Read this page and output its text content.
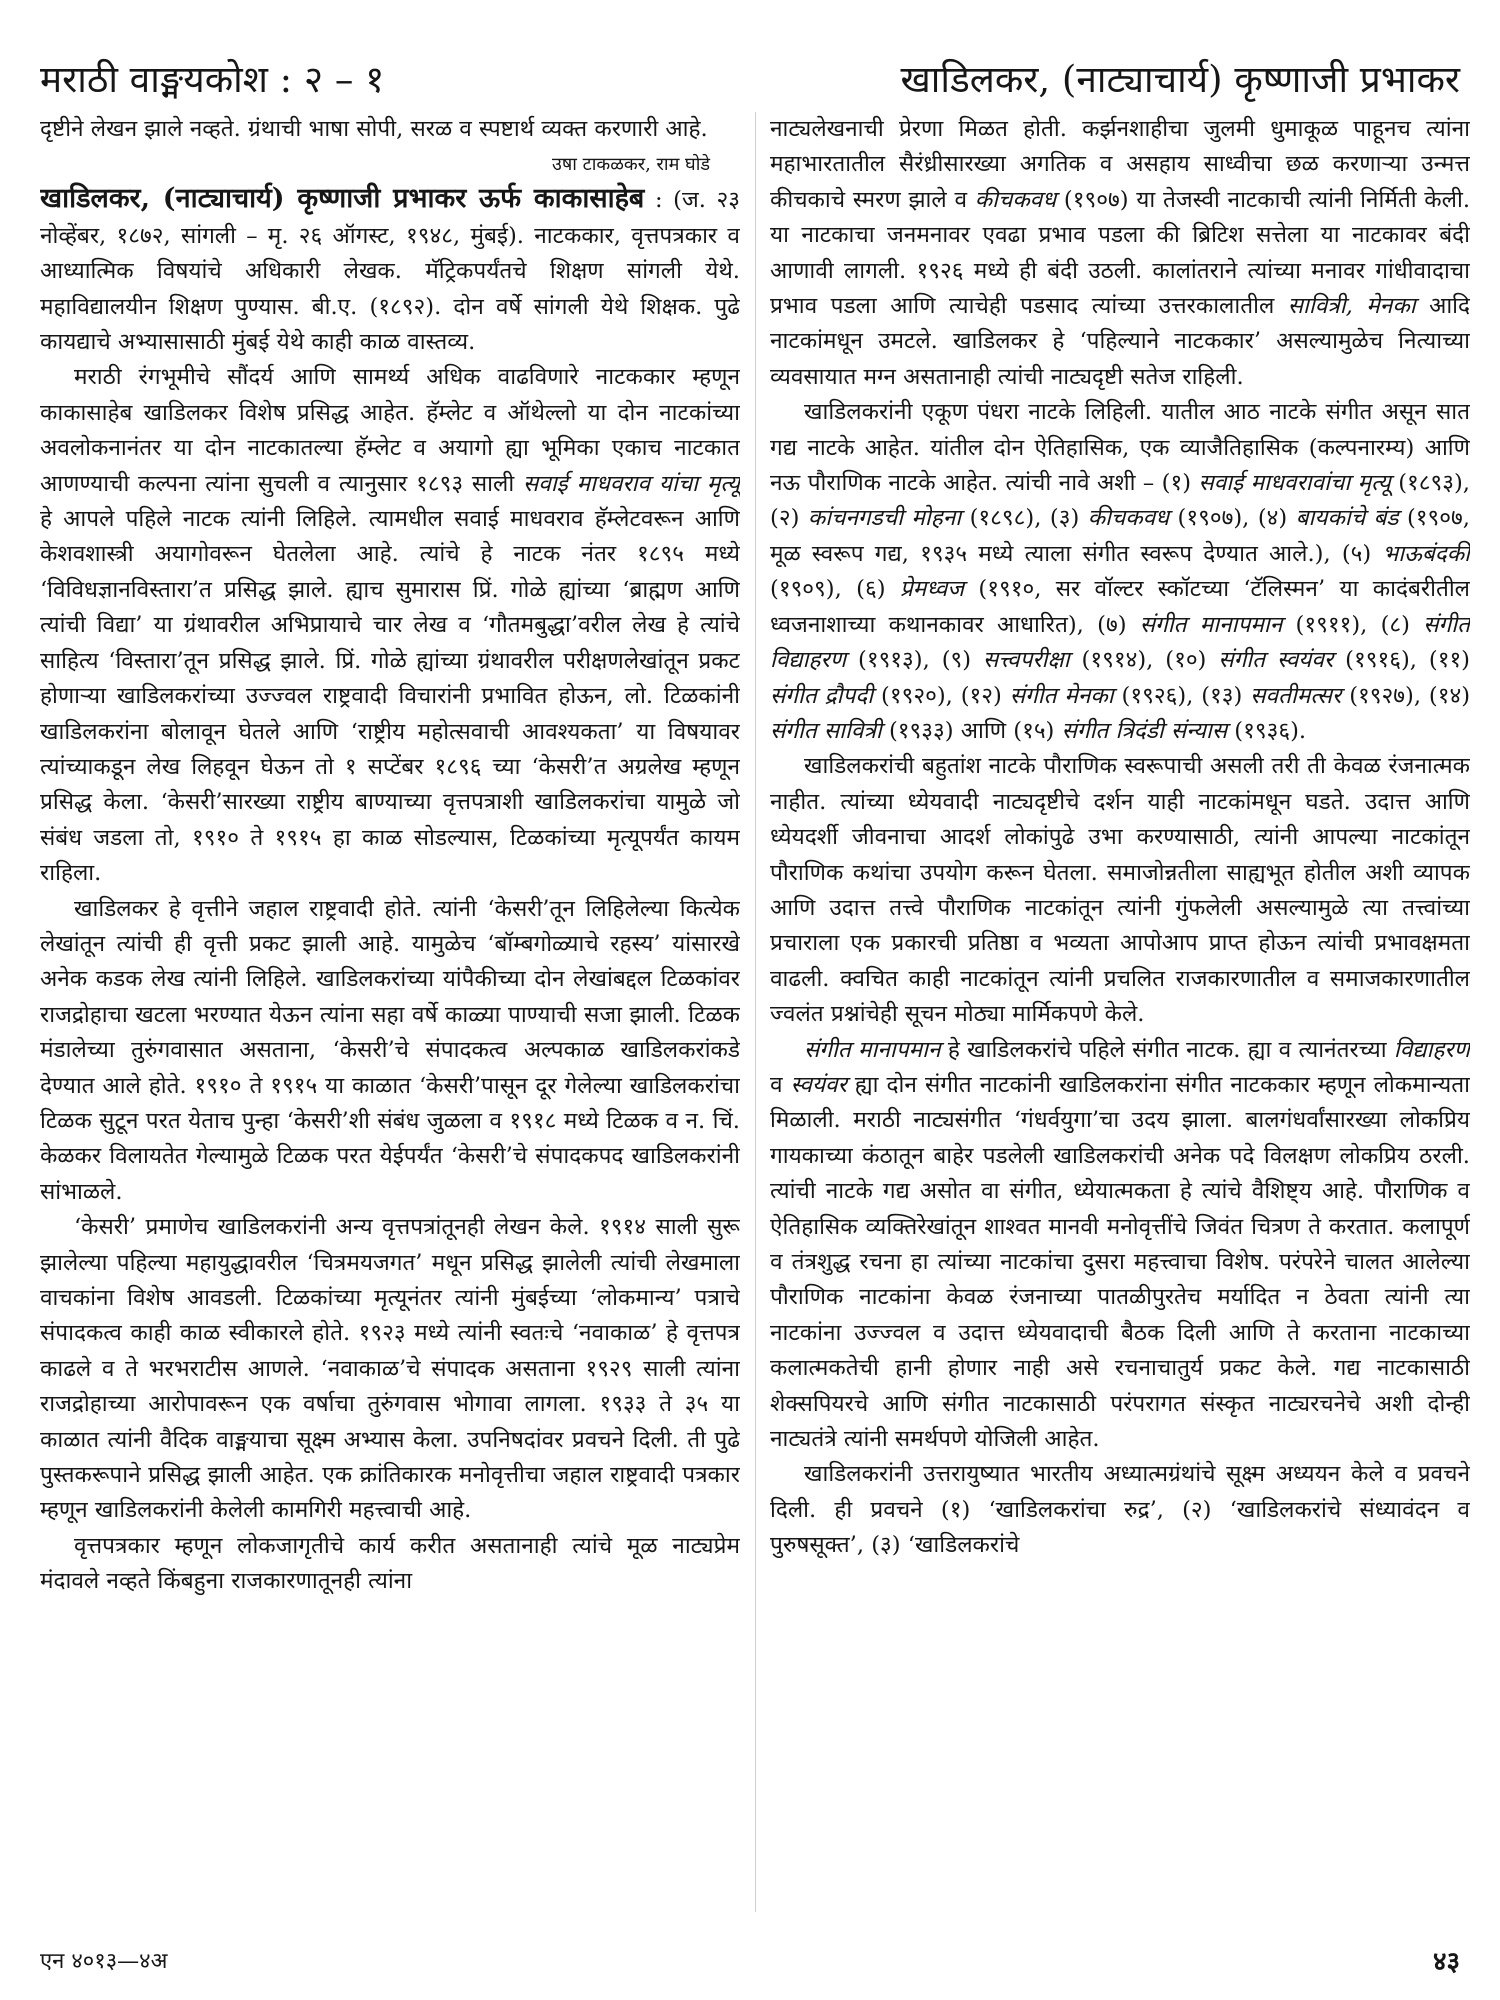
मराठी वाङ्मयकोश : २ – १	खाडिलकर, (नाट्याचार्य) कृष्णाजी प्रभाकर

दृष्टीने लेखन झाले नव्हते. ग्रंथाची भाषा सोपी, सरळ व स्पष्टार्थ व्यक्त करणारी आहे.

उषा टाकळकर, राम घोडे

खाडिलकर, (नाट्याचार्य) कृष्णाजी प्रभाकर ऊर्फ काकासाहेब : (ज. २३ नोव्हेंबर, १८७२, सांगली – मृ. २६ ऑगस्ट, १९४८, मुंबई). नाटककार, वृत्तपत्रकार व आध्यात्मिक विषयांचे अधिकारी लेखक. मॅट्रिकपर्यंतचे शिक्षण सांगली येथे. महाविद्यालयीन शिक्षण पुण्यास. बी.ए. (१८९२). दोन वर्षे सांगली येथे शिक्षक. पुढे कायद्याचे अभ्यासासाठी मुंबई येथे काही काळ वास्तव्य.

मराठी रंगभूमीचे सौंदर्य आणि सामर्थ्य अधिक वाढविणारे नाटककार म्हणून काकासाहेब खाडिलकर विशेष प्रसिद्ध आहेत. हॅम्लेट व ऑथेल्लो या दोन नाटकांच्या अवलोकनानंतर या दोन नाटकातल्या हॅम्लेट व अयागो ह्या भूमिका एकाच नाटकात आणण्याची कल्पना त्यांना सुचली व त्यानुसार १८९३ साली सवाई माधवराव यांचा मृत्यू हे आपले पहिले नाटक त्यांनी लिहिले. त्यामधील सवाई माधवराव हॅम्लेटवरून आणि केशवशास्त्री अयागोवरून घेतलेला आहे. त्यांचे हे नाटक नंतर १८९५ मध्ये ‘विविधज्ञानविस्तारा’त प्रसिद्ध झाले. ह्याच सुमारास प्रिं. गोळे ह्यांच्या ‘ब्राह्मण आणि त्यांची विद्या’ या ग्रंथावरील अभिप्रायाचे चार लेख व ‘गौतमबुद्धा’वरील लेख हे त्यांचे साहित्य ‘विस्तारा’तून प्रसिद्ध झाले. प्रिं. गोळे ह्यांच्या ग्रंथावरील परीक्षणलेखांतून प्रकट होणाऱ्या खाडिलकरांच्या उज्ज्वल राष्ट्रवादी विचारांनी प्रभावित होऊन, लो. टिळकांनी खाडिलकरांना बोलावून घेतले आणि ‘राष्ट्रीय महोत्सवाची आवश्यकता’ या विषयावर त्यांच्याकडून लेख लिहवून घेऊन तो १ सप्टेंबर १८९६ च्या ‘केसरी’त अग्रलेख म्हणून प्रसिद्ध केला. ‘केसरी’सारख्या राष्ट्रीय बाण्याच्या वृत्तपत्राशी खाडिलकरांचा यामुळे जो संबंध जडला तो, १९१० ते १९१५ हा काळ सोडल्यास, टिळकांच्या मृत्यूपर्यंत कायम राहिला.

खाडिलकर हे वृत्तीने जहाल राष्ट्रवादी होते. त्यांनी ‘केसरी’तून लिहिलेल्या कित्येक लेखांतून त्यांची ही वृत्ती प्रकट झाली आहे. यामुळेच ‘बॉम्बगोळ्याचे रहस्य’ यांसारखे अनेक कडक लेख त्यांनी लिहिले. खाडिलकरांच्या यांपैकीच्या दोन लेखांबद्दल टिळकांवर राजद्रोहाचा खटला भरण्यात येऊन त्यांना सहा वर्षे काळ्या पाण्याची सजा झाली. टिळक मंडालेच्या तुरुंगवासात असताना, ‘केसरी’चे संपादकत्व अल्पकाळ खाडिलकरांकडे देण्यात आले होते. १९१० ते १९१५ या काळात ‘केसरी’पासून दूर गेलेल्या खाडिलकरांचा टिळक सुटून परत येताच पुन्हा ‘केसरी’शी संबंध जुळला व १९१८ मध्ये टिळक व न. चिं. केळकर विलायतेत गेल्यामुळे टिळक परत येईपर्यंत ‘केसरी’चे संपादकपद खाडिलकरांनी सांभाळले.

‘केसरी’ प्रमाणेच खाडिलकरांनी अन्य वृत्तपत्रांतूनही लेखन केले. १९१४ साली सुरू झालेल्या पहिल्या महायुद्धावरील ‘चित्रमयजगत’ मधून प्रसिद्ध झालेली त्यांची लेखमाला वाचकांना विशेष आवडली. टिळकांच्या मृत्यूनंतर त्यांनी मुंबईच्या ‘लोकमान्य’ पत्राचे संपादकत्व काही काळ स्वीकारले होते. १९२३ मध्ये त्यांनी स्वतःचे ‘नवाकाळ’ हे वृत्तपत्र काढले व ते भरभराटीस आणले. ‘नवाकाळ’चे संपादक असताना १९२९ साली त्यांना राजद्रोहाच्या आरोपावरून एक वर्षाचा तुरुंगवास भोगावा लागला. १९३३ ते ३५ या काळात त्यांनी वैदिक वाङ्मयाचा सूक्ष्म अभ्यास केला. उपनिषदांवर प्रवचने दिली. ती पुढे पुस्तकरूपाने प्रसिद्ध झाली आहेत. एक क्रांतिकारक मनोवृत्तीचा जहाल राष्ट्रवादी पत्रकार म्हणून खाडिलकरांनी केलेली कामगिरी महत्त्वाची आहे.

वृत्तपत्रकार म्हणून लोकजागृतीचे कार्य करीत असतानाही त्यांचे मूळ नाट्यप्रेम मंदावले नव्हते किंबहुना राजकारणातूनही त्यांना

नाट्यलेखनाची प्रेरणा मिळत होती. कर्झनशाहीचा जुलमी धुमाकूळ पाहूनच त्यांना महाभारतातील सैरंध्रीसारख्या अगतिक व असहाय साध्वीचा छळ करणाऱ्या उन्मत्त कीचकाचे स्मरण झाले व कीचकवध (१९०७) या तेजस्वी नाटकाची त्यांनी निर्मिती केली. या नाटकाचा जनमनावर एवढा प्रभाव पडला की ब्रिटिश सत्तेला या नाटकावर बंदी आणावी लागली. १९२६ मध्ये ही बंदी उठली. कालांतराने त्यांच्या मनावर गांधीवादाचा प्रभाव पडला आणि त्याचेही पडसाद त्यांच्या उत्तरकालातील सावित्री, मेनका आदि नाटकांमधून उमटले. खाडिलकर हे ‘पहिल्याने नाटककार’ असल्यामुळेच नित्याच्या व्यवसायात मग्न असतानाही त्यांची नाट्यदृष्टी सतेज राहिली.

खाडिलकरांनी एकूण पंधरा नाटके लिहिली. यातील आठ नाटके संगीत असून सात गद्य नाटके आहेत. यांतील दोन ऐतिहासिक, एक व्याजैतिहासिक (कल्पनारम्य) आणि नऊ पौराणिक नाटके आहेत. त्यांची नावे अशी – (१) सवाई माधवरावांचा मृत्यू (१८९३), (२) कांचनगडची मोहना (१८९८), (३) कीचकवध (१९०७), (४) बायकांचे बंड (१९०७, मूळ स्वरूप गद्य, १९३५ मध्ये त्याला संगीत स्वरूप देण्यात आले.), (५) भाऊबंदकी (१९०९), (६) प्रेमध्वज (१९१०, सर वॉल्टर स्कॉटच्या ‘टॅलिस्मन’ या कादंबरीतील ध्वजनाशाच्या कथानकावर आधारित), (७) संगीत मानापमान (१९११), (८) संगीत विद्याहरण (१९१३), (९) सत्त्वपरीक्षा (१९१४), (१०) संगीत स्वयंवर (१९१६), (११) संगीत द्रौपदी (१९२०), (१२) संगीत मेनका (१९२६), (१३) सवतीमत्सर (१९२७), (१४) संगीत सावित्री (१९३३) आणि (१५) संगीत त्रिदंडी संन्यास (१९३६).

खाडिलकरांची बहुतांश नाटके पौराणिक स्वरूपाची असली तरी ती केवळ रंजनात्मक नाहीत. त्यांच्या ध्येयवादी नाट्यदृष्टीचे दर्शन याही नाटकांमधून घडते. उदात्त आणि ध्येयदर्शी जीवनाचा आदर्श लोकांपुढे उभा करण्यासाठी, त्यांनी आपल्या नाटकांतून पौराणिक कथांचा उपयोग करून घेतला. समाजोन्नतीला साह्यभूत होतील अशी व्यापक आणि उदात्त तत्त्वे पौराणिक नाटकांतून त्यांनी गुंफलेली असल्यामुळे त्या तत्त्वांच्या प्रचाराला एक प्रकारची प्रतिष्ठा व भव्यता आपोआप प्राप्त होऊन त्यांची प्रभावक्षमता वाढली. क्वचित काही नाटकांतून त्यांनी प्रचलित राजकारणातील व समाजकारणातील ज्वलंत प्रश्नांचेही सूचन मोठ्या मार्मिकपणे केले.

संगीत मानापमान हे खाडिलकरांचे पहिले संगीत नाटक. ह्या व त्यानंतरच्या विद्याहरण व स्वयंवर ह्या दोन संगीत नाटकांनी खाडिलकरांना संगीत नाटककार म्हणून लोकमान्यता मिळाली. मराठी नाट्यसंगीत ‘गंधर्वयुगा’चा उदय झाला. बालगंधर्वांसारख्या लोकप्रिय गायकाच्या कंठातून बाहेर पडलेली खाडिलकरांची अनेक पदे विलक्षण लोकप्रिय ठरली. त्यांची नाटके गद्य असोत वा संगीत, ध्येयात्मकता हे त्यांचे वैशिष्ट्य आहे. पौराणिक व ऐतिहासिक व्यक्तिरेखांतून शाश्वत मानवी मनोवृत्तींचे जिवंत चित्रण ते करतात. कलापूर्ण व तंत्रशुद्ध रचना हा त्यांच्या नाटकांचा दुसरा महत्त्वाचा विशेष. परंपरेने चालत आलेल्या पौराणिक नाटकांना केवळ रंजनाच्या पातळीपुरतेच मर्यादित न ठेवता त्यांनी त्या नाटकांना उज्ज्वल व उदात्त ध्येयवादाची बैठक दिली आणि ते करताना नाटकाच्या कलात्मकतेची हानी होणार नाही असे रचनाचातुर्य प्रकट केले. गद्य नाटकासाठी शेक्सपियरचे आणि संगीत नाटकासाठी परंपरागत संस्कृत नाट्यरचनेचे अशी दोन्ही नाट्यतंत्रे त्यांनी समर्थपणे योजिली आहेत.

खाडिलकरांनी उत्तरायुष्यात भारतीय अध्यात्मग्रंथांचे सूक्ष्म अध्ययन केले व प्रवचने दिली. ही प्रवचने (१) ‘खाडिलकरांचा रुद्र’, (२) ‘खाडिलकरांचे संध्यावंदन व पुरुषसूक्त’, (३) ‘खाडिलकरांचे

एन ४०१३—४अ	४३
